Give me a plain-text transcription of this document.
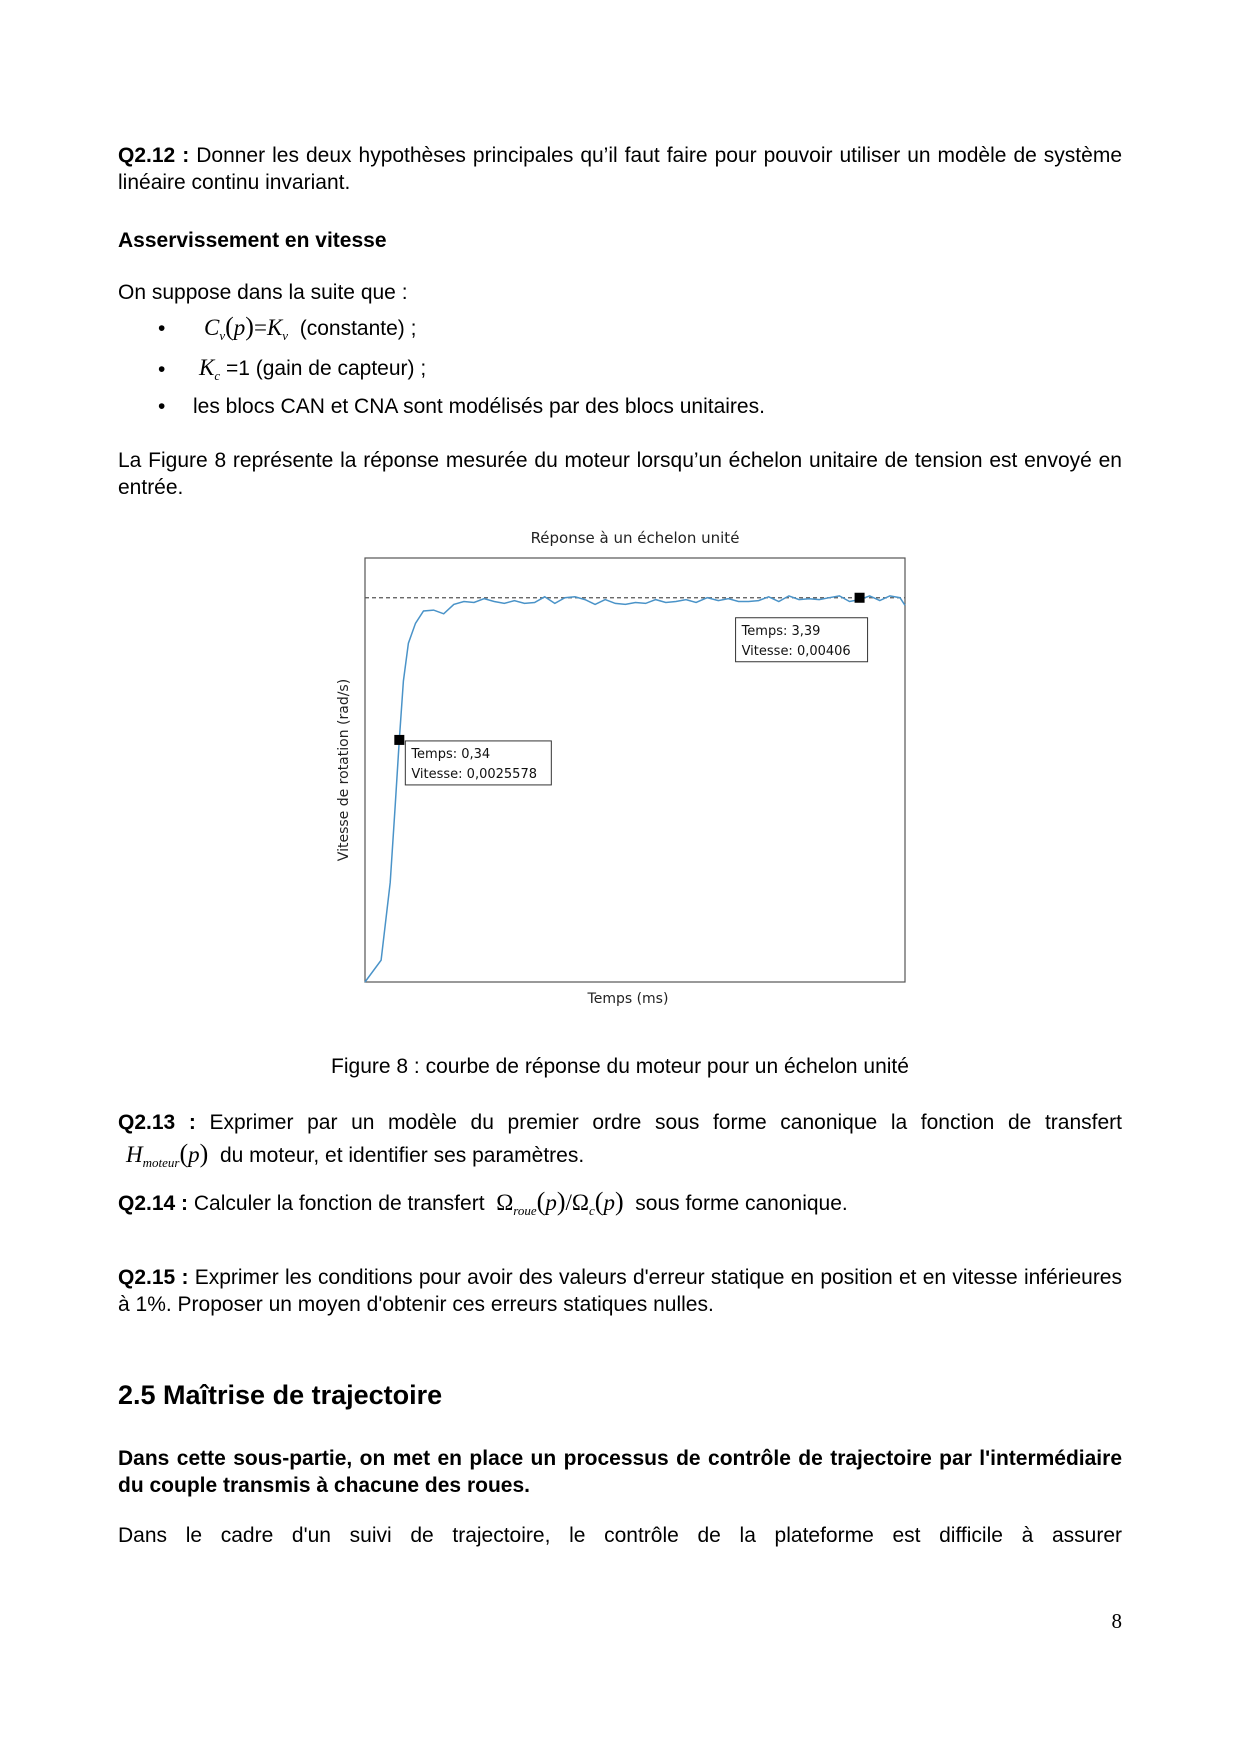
Q2.12 : Donner les deux hypothèses principales qu’il faut faire pour pouvoir utiliser un modèle de système linéaire continu invariant.
Asservissement en vitesse
On suppose dans la suite que :
• $C_v(p)=K_v$ (constante) ;
• $K_c =1$ (gain de capteur) ;
• les blocs CAN et CNA sont modélisés par des blocs unitaires.
La Figure 8 représente la réponse mesurée du moteur lorsqu’un échelon unitaire de tension est envoyé en entrée.
Figure 8 : courbe de réponse du moteur pour un échelon unité
Q2.13 : Exprimer par un modèle du premier ordre sous forme canonique la fonction de transfert
$H_{moteur}(p)$ du moteur, et identifier ses paramètres.
Q2.14 : Calculer la fonction de transfert $\Omega_{roue}(p)/\Omega_c(p)$ sous forme canonique.
Q2.15 : Exprimer les conditions pour avoir des valeurs d'erreur statique en position et en vitesse inférieures à 1%. Proposer un moyen d'obtenir ces erreurs statiques nulles.
2.5 Maîtrise de trajectoire
Dans cette sous-partie, on met en place un processus de contrôle de trajectoire par l'intermédiaire du couple transmis à chacune des roues.
Dans le cadre d'un suivi de trajectoire, le contrôle de la plateforme est difficile à assurer
8
Réponse à un échelon unité
Temps: 0,34
Vitesse: 0,0025578
Temps: 3,39
Vitesse: 0,00406
Vitesse de rotation (rad/s)
Temps (ms)
